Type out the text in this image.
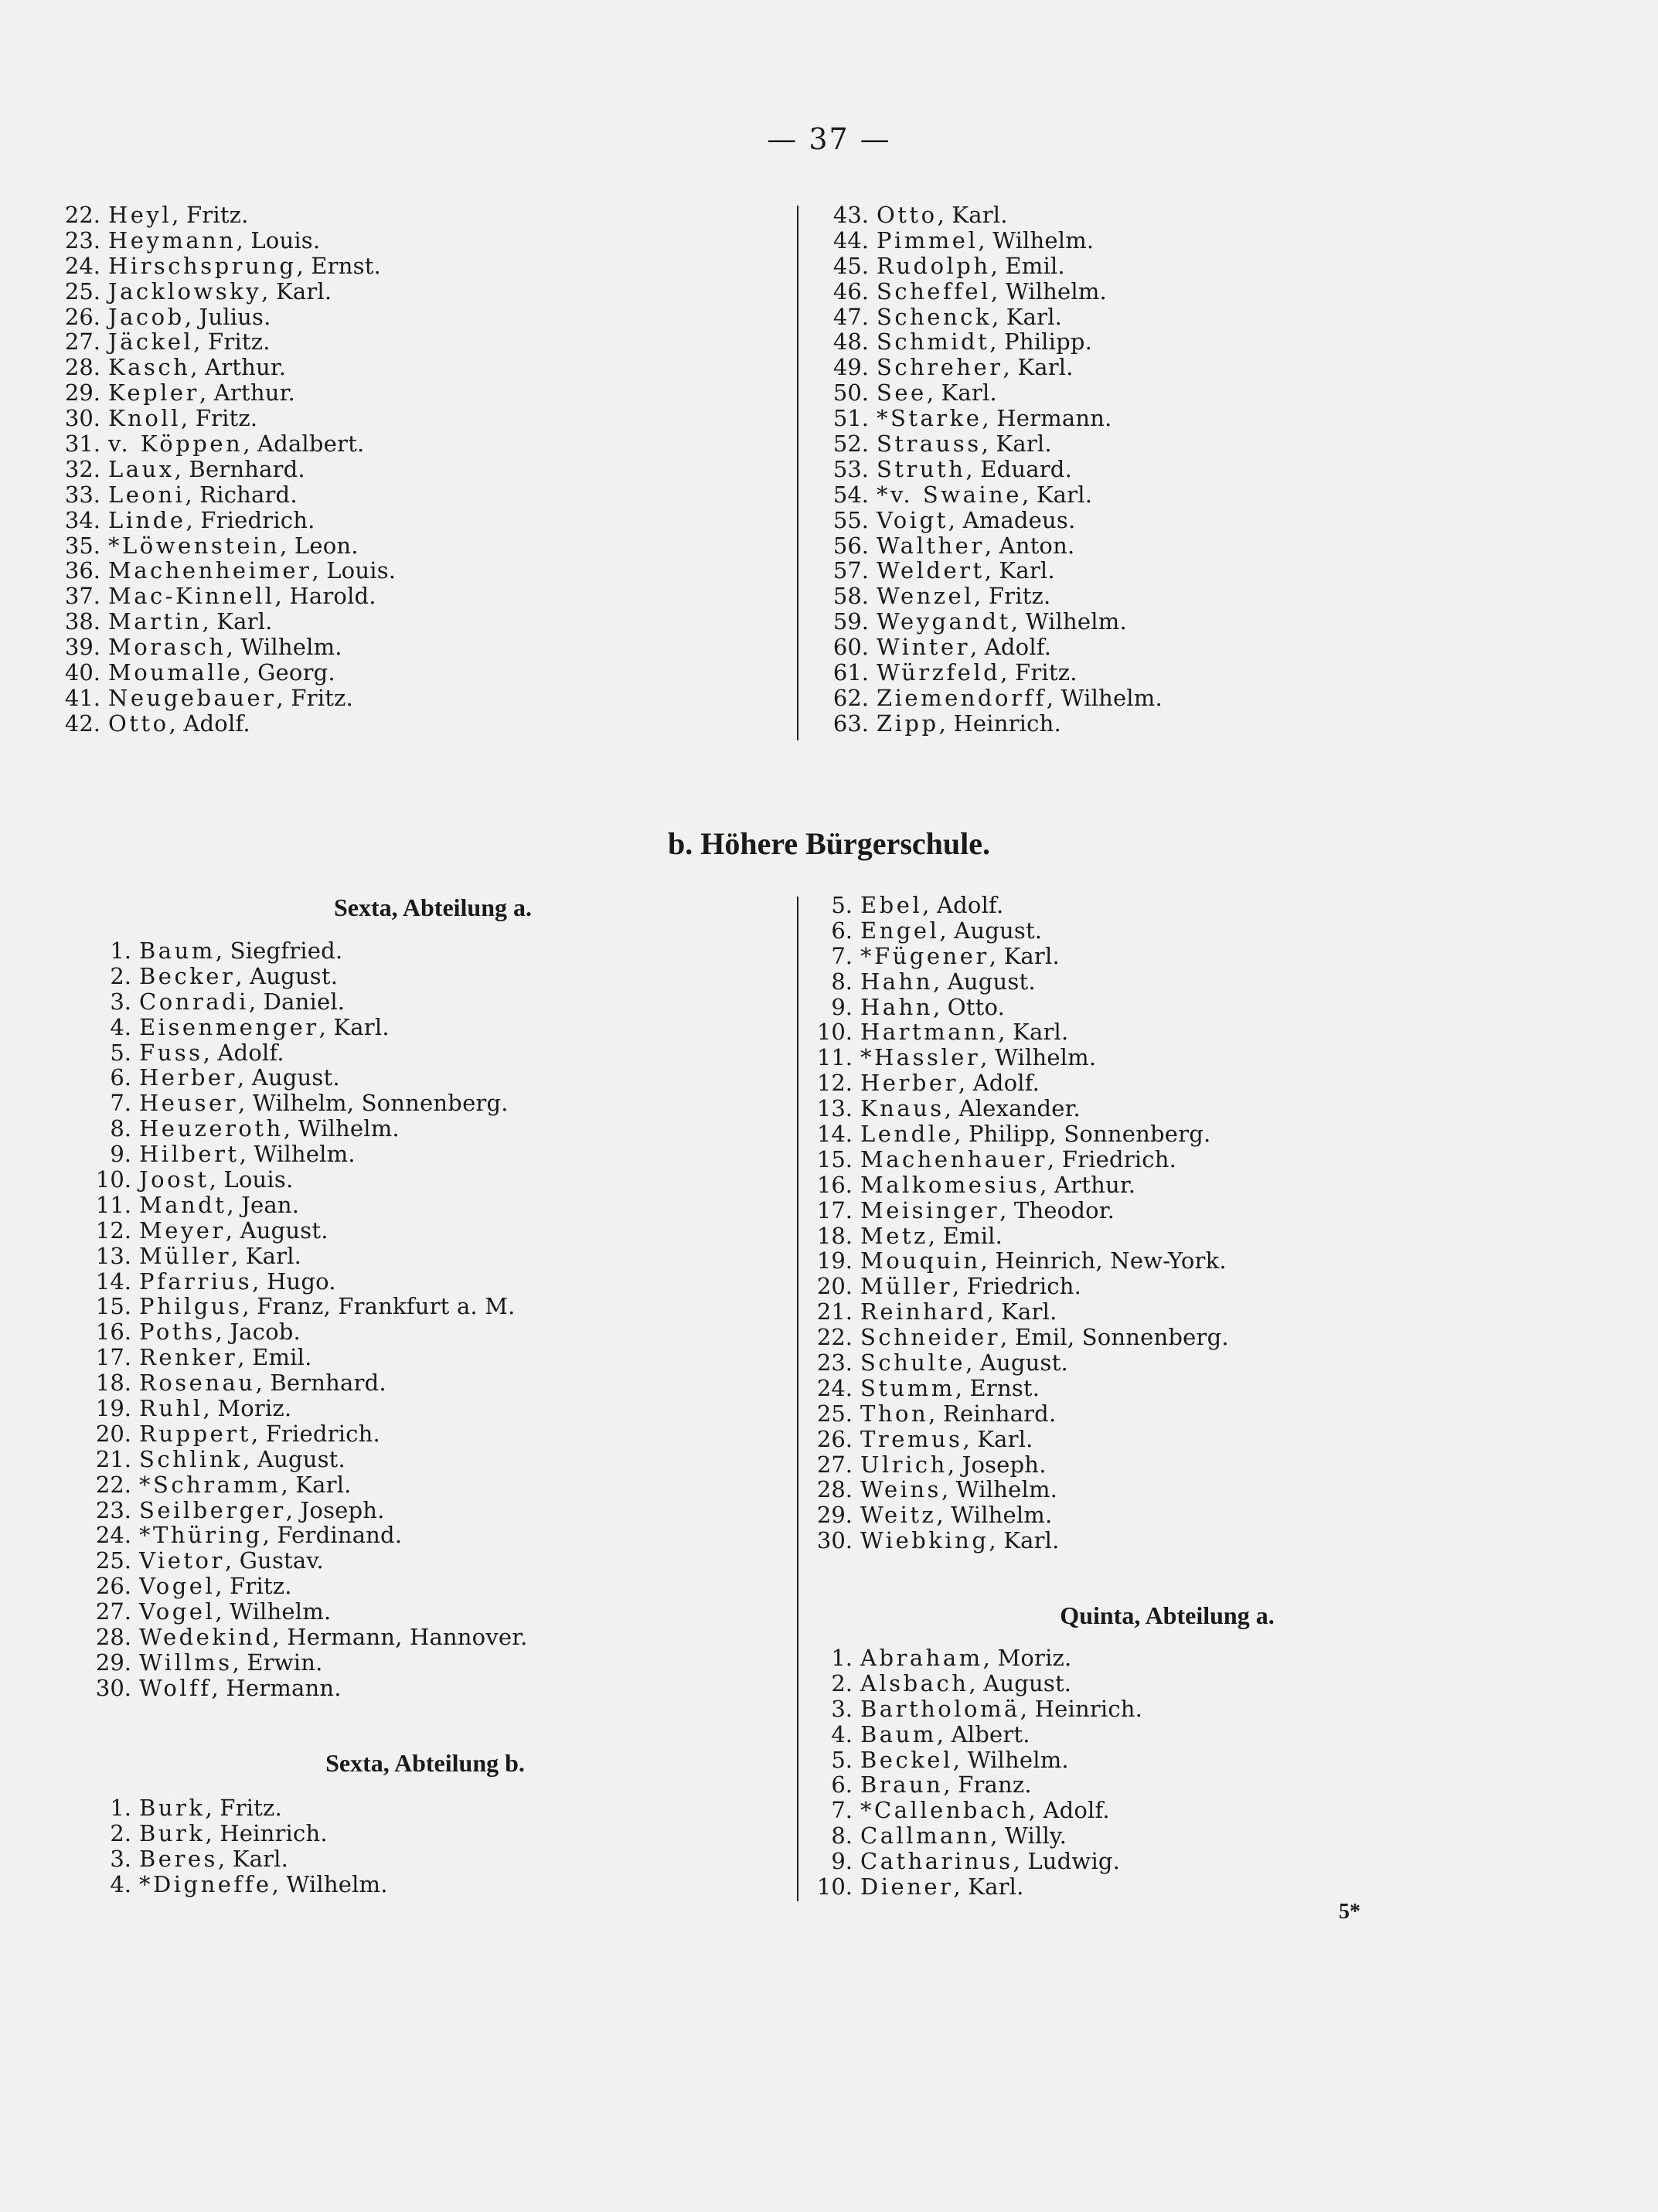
— 37 —
22. Heyl, Fritz.
23. Heymann, Louis.
24. Hirschsprung, Ernst.
25. Jacklowsky, Karl.
26. Jacob, Julius.
27. Jäckel, Fritz.
28. Kasch, Arthur.
29. Kepler, Arthur.
30. Knoll, Fritz.
31. v. Köppen, Adalbert.
32. Laux, Bernhard.
33. Leoni, Richard.
34. Linde, Friedrich.
35. *Löwenstein, Leon.
36. Machenheimer, Louis.
37. Mac-Kinnell, Harold.
38. Martin, Karl.
39. Morasch, Wilhelm.
40. Moumalle, Georg.
41. Neugebauer, Fritz.
42. Otto, Adolf.
43. Otto, Karl.
44. Pimmel, Wilhelm.
45. Rudolph, Emil.
46. Scheffel, Wilhelm.
47. Schenck, Karl.
48. Schmidt, Philipp.
49. Schreher, Karl.
50. See, Karl.
51. *Starke, Hermann.
52. Strauss, Karl.
53. Struth, Eduard.
54. *v. Swaine, Karl.
55. Voigt, Amadeus.
56. Walther, Anton.
57. Weldert, Karl.
58. Wenzel, Fritz.
59. Weygandt, Wilhelm.
60. Winter, Adolf.
61. Würzfeld, Fritz.
62. Ziemendorff, Wilhelm.
63. Zipp, Heinrich.
b. Höhere Bürgerschule.
Sexta, Abteilung a.
1. Baum, Siegfried.
2. Becker, August.
3. Conradi, Daniel.
4. Eisenmenger, Karl.
5. Fuss, Adolf.
6. Herber, August.
7. Heuser, Wilhelm, Sonnenberg.
8. Heuzeroth, Wilhelm.
9. Hilbert, Wilhelm.
10. Joost, Louis.
11. Mandt, Jean.
12. Meyer, August.
13. Müller, Karl.
14. Pfarrius, Hugo.
15. Philgus, Franz, Frankfurt a. M.
16. Poths, Jacob.
17. Renker, Emil.
18. Rosenau, Bernhard.
19. Ruhl, Moriz.
20. Ruppert, Friedrich.
21. Schlink, August.
22. *Schramm, Karl.
23. Seilberger, Joseph.
24. *Thüring, Ferdinand.
25. Vietor, Gustav.
26. Vogel, Fritz.
27. Vogel, Wilhelm.
28. Wedekind, Hermann, Hannover.
29. Willms, Erwin.
30. Wolff, Hermann.
Sexta, Abteilung b.
1. Burk, Fritz.
2. Burk, Heinrich.
3. Beres, Karl.
4. *Digneffe, Wilhelm.
5. Ebel, Adolf.
6. Engel, August.
7. *Fügener, Karl.
8. Hahn, August.
9. Hahn, Otto.
10. Hartmann, Karl.
11. *Hassler, Wilhelm.
12. Herber, Adolf.
13. Knaus, Alexander.
14. Lendle, Philipp, Sonnenberg.
15. Machenhauer, Friedrich.
16. Malkomesius, Arthur.
17. Meisinger, Theodor.
18. Metz, Emil.
19. Mouquin, Heinrich, New-York.
20. Müller, Friedrich.
21. Reinhard, Karl.
22. Schneider, Emil, Sonnenberg.
23. Schulte, August.
24. Stumm, Ernst.
25. Thon, Reinhard.
26. Tremus, Karl.
27. Ulrich, Joseph.
28. Weins, Wilhelm.
29. Weitz, Wilhelm.
30. Wiebking, Karl.
Quinta, Abteilung a.
1. Abraham, Moriz.
2. Alsbach, August.
3. Bartholomä, Heinrich.
4. Baum, Albert.
5. Beckel, Wilhelm.
6. Braun, Franz.
7. *Callenbach, Adolf.
8. Callmann, Willy.
9. Catharinus, Ludwig.
10. Diener, Karl.
5*
